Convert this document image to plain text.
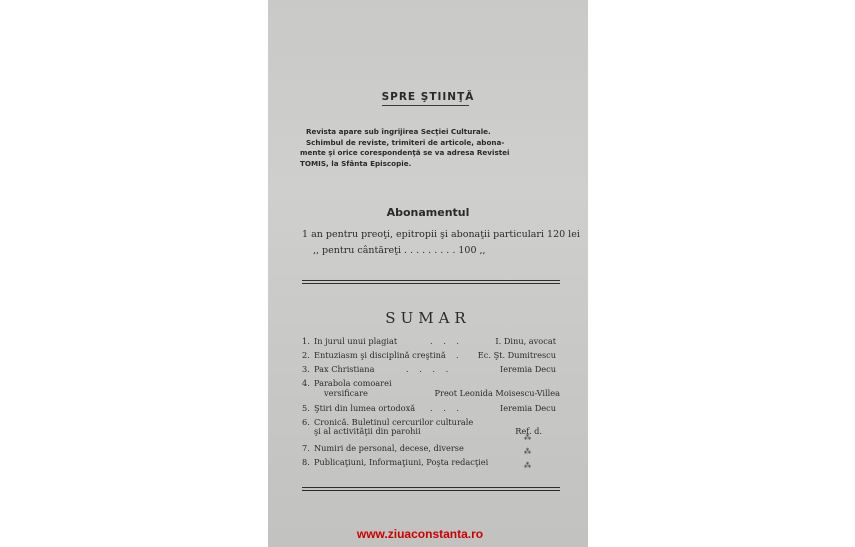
SPRE ŞTIINŢĂ
Revista apare sub îngrijirea Secţiei Culturale.
Schimbul de reviste, trimiteri de articole, abona-
mente şi orice corespondenţă se va adresa Revistei
TOMIS, la Sfânta Episcopie.
Abonamentul
1 an pentru preoţi, epitropii şi abonaţii particulari 120 lei
,, pentru cântăreţi . . . . . . . . . 100 ,,
SUMAR
1. In jurul unui plagiat	. . .	I. Dinu, avocat
2. Entuziasm şi disciplină creştină . Ec. Şt. Dumitrescu
3. Pax Christiana	. . . .	Ieremia Decu
4. Parabola comoarei
versificare	Preot Leonida Moisescu-Villea
5. Ştiri din lumea ortodoxă . . .	Ieremia Decu
6. Cronică. Buletinul cercurilor culturale
şi al activităţii din parohii	Ref. d.
7. Numiri de personal, decese, diverse
8. Publicaţiuni, Informaţiuni, Poşta redacţiei
⁂
⁂
⁂
www.ziuaconstanta.ro
